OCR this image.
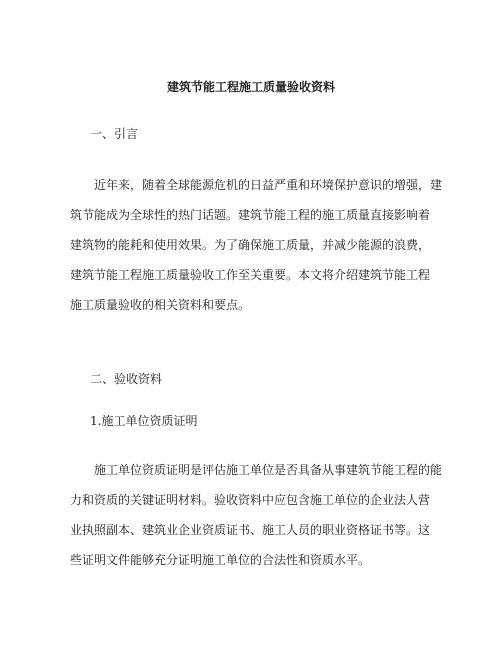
建筑节能工程施工质量验收资料
一、引言
近年来，随着全球能源危机的日益严重和环境保护意识的增强，建
筑节能成为全球性的热门话题。建筑节能工程的施工质量直接影响着
建筑物的能耗和使用效果。为了确保施工质量，并减少能源的浪费，
建筑节能工程施工质量验收工作至关重要。本文将介绍建筑节能工程
施工质量验收的相关资料和要点。
二、验收资料
1.施工单位资质证明
施工单位资质证明是评估施工单位是否具备从事建筑节能工程的能
力和资质的关键证明材料。验收资料中应包含施工单位的企业法人营
业执照副本、建筑业企业资质证书、施工人员的职业资格证书等。这
些证明文件能够充分证明施工单位的合法性和资质水平。
